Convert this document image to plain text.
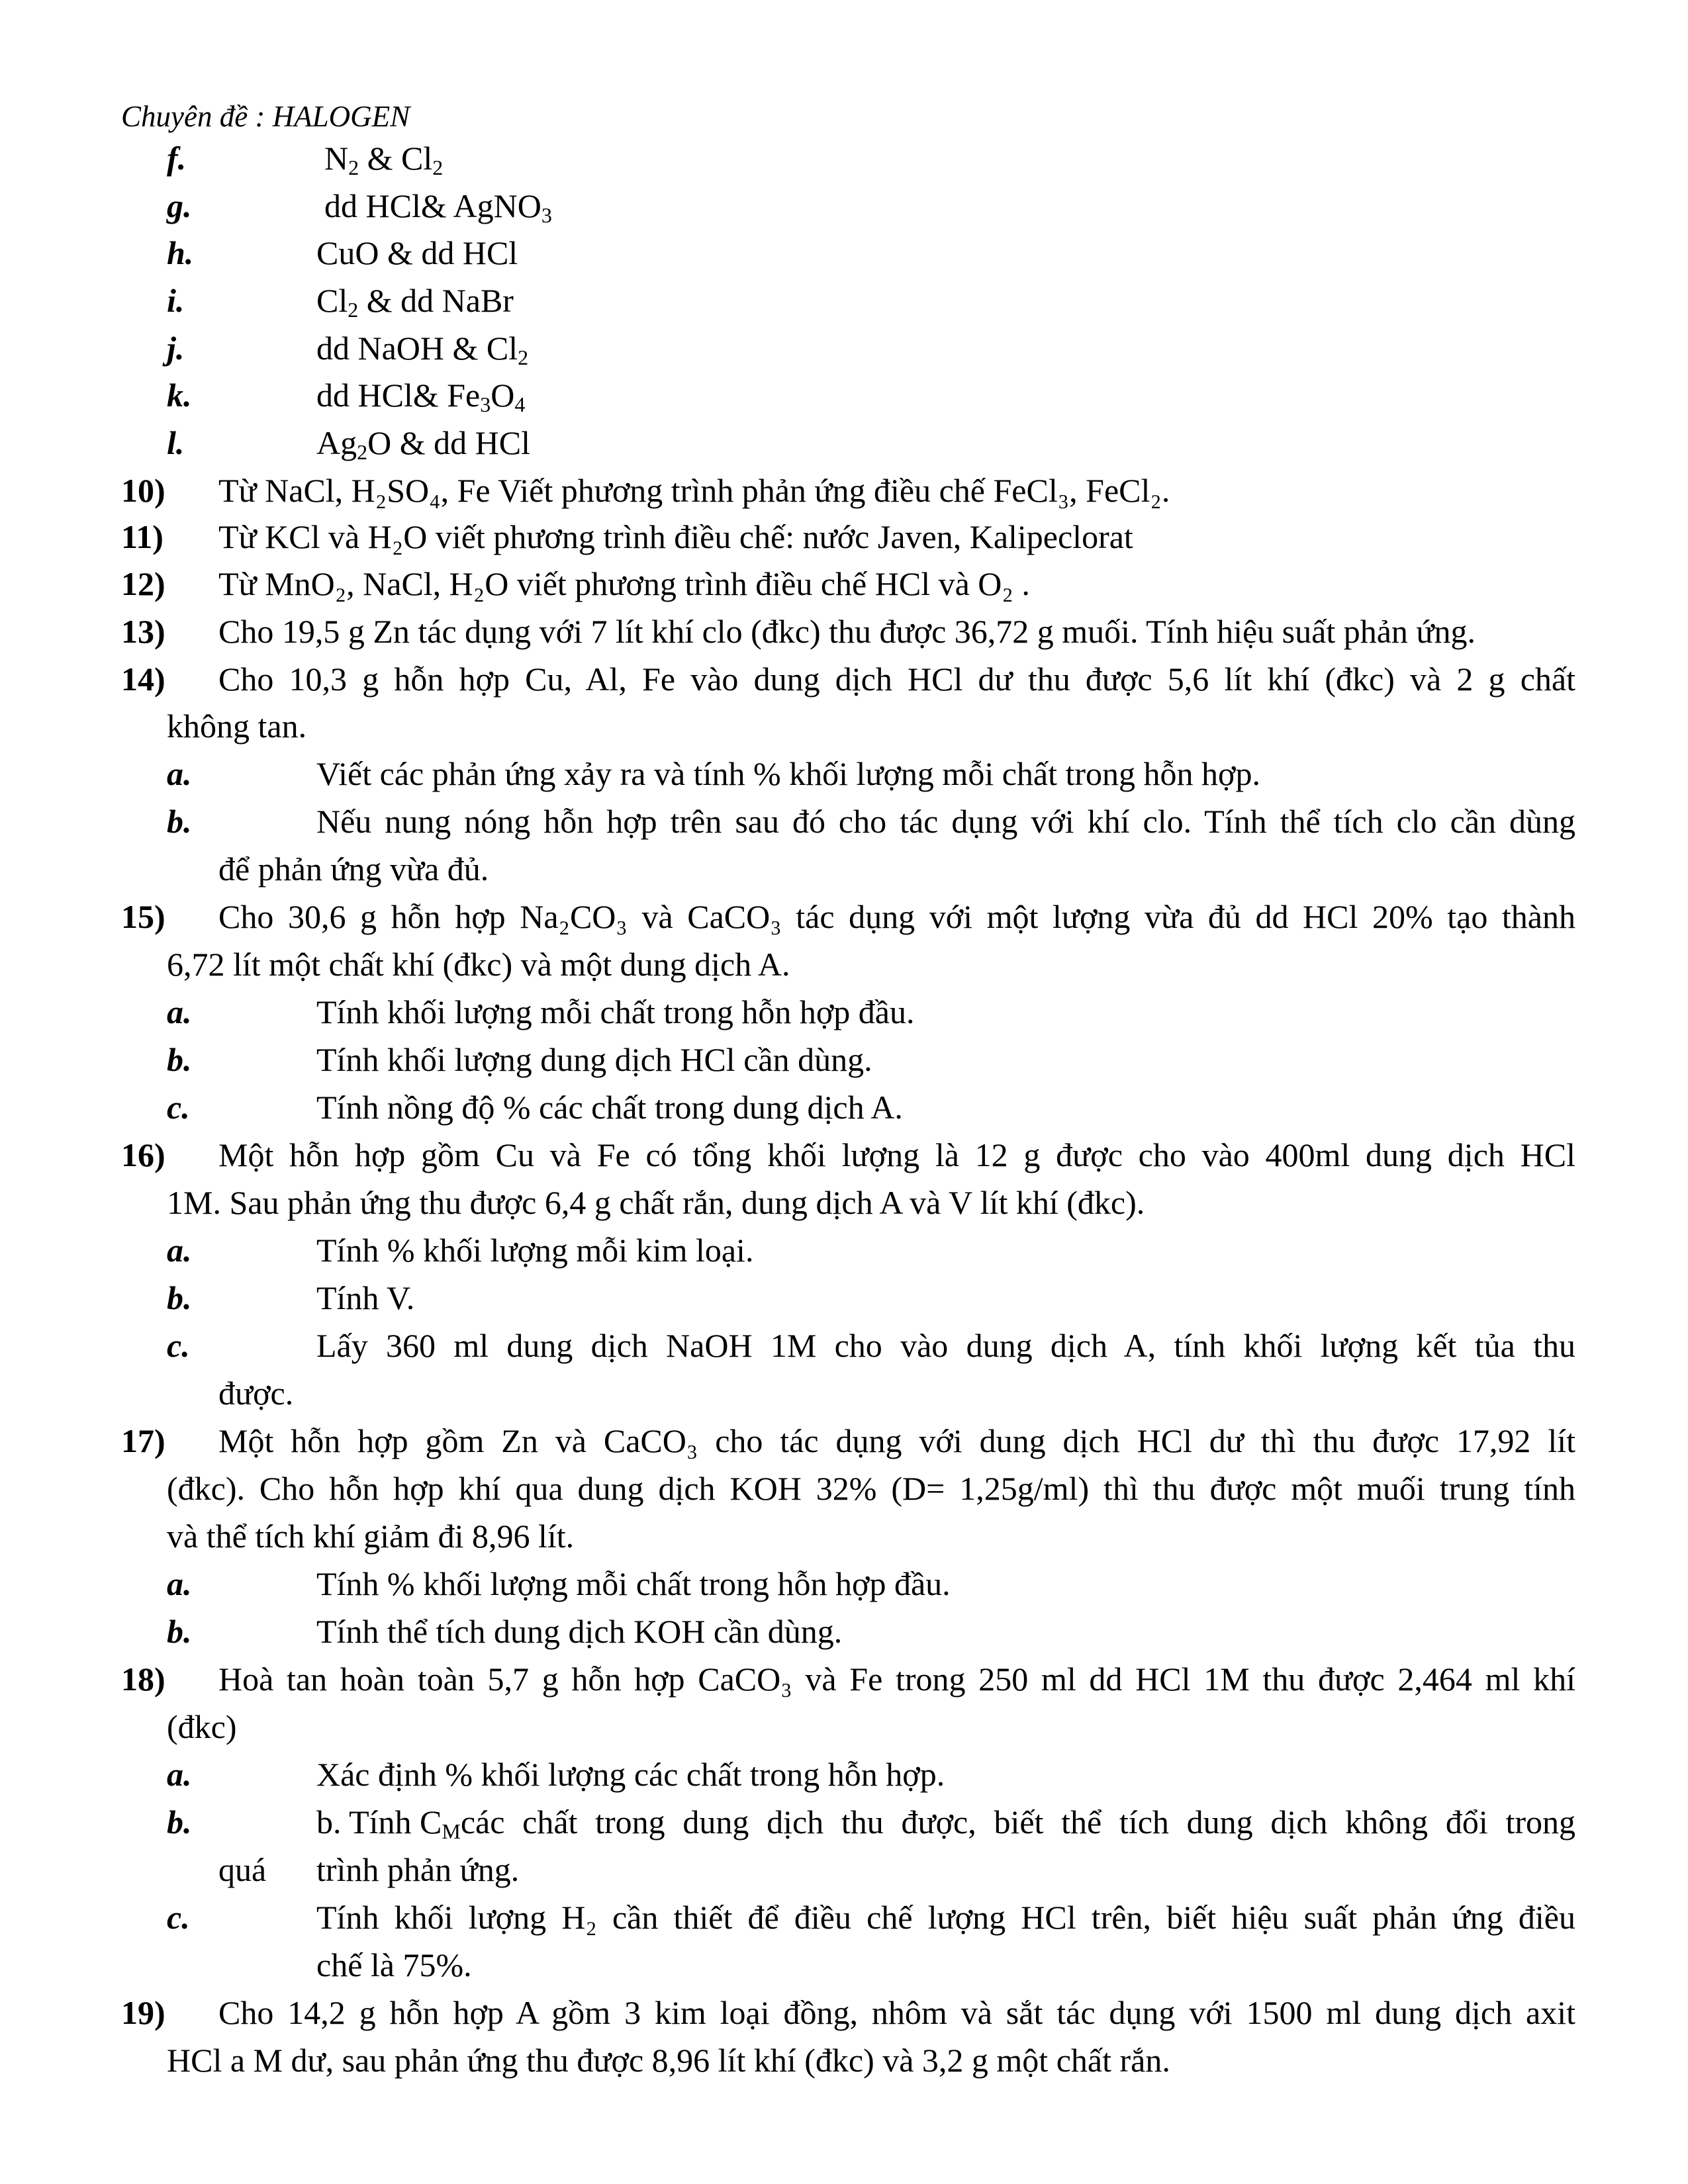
Chuyên đề : HALOGEN
f.	$N_2$ & $Cl_2$
g.	dd HCl& AgNO$_3$
h.	CuO & dd HCl
i.	$Cl_2$ & dd NaBr
j.	dd NaOH & $Cl_2$
k.	dd HCl& $Fe_3O_4$
l.	$Ag_2O$ & dd HCl
10) Từ NaCl, H₂SO₄, Fe Viết phương trình phản ứng điều chế FeCl₃, FeCl₂.
11) Từ KCl và H₂O viết phương trình điều chế: nước Javen, Kalipeclorat
12) Từ MnO₂, NaCl, H₂O viết phương trình điều chế HCl và O₂ .
13) Cho 19,5 g Zn tác dụng với 7 lít khí clo (đkc) thu được 36,72 g muối. Tính hiệu suất phản ứng.
14) Cho 10,3 g hỗn hợp Cu, Al, Fe vào dung dịch HCl dư thu được 5,6 lít khí (đkc) và 2 g chất
không tan.
a.	Viết các phản ứng xảy ra và tính % khối lượng mỗi chất trong hỗn hợp.
b.	Nếu nung nóng hỗn hợp trên sau đó cho tác dụng với khí clo. Tính thể tích clo cần dùng
để phản ứng vừa đủ.
15) Cho 30,6 g hỗn hợp Na₂CO₃ và CaCO₃ tác dụng với một lượng vừa đủ dd HCl 20% tạo thành
6,72 lít một chất khí (đkc) và một dung dịch A.
a.	Tính khối lượng mỗi chất trong hỗn hợp đầu.
b.	Tính khối lượng dung dịch HCl cần dùng.
c.	Tính nồng độ % các chất trong dung dịch A.
16) Một hỗn hợp gồm Cu và Fe có tổng khối lượng là 12 g được cho vào 400ml dung dịch HCl
1M. Sau phản ứng thu được 6,4 g chất rắn, dung dịch A và V lít khí (đkc).
a.	Tính % khối lượng mỗi kim loại.
b.	Tính V.
c.	Lấy 360 ml dung dịch NaOH 1M cho vào dung dịch A, tính khối lượng kết tủa thu
được.
17) Một hỗn hợp gồm Zn và CaCO₃ cho tác dụng với dung dịch HCl dư thì thu được 17,92 lít
(đkc). Cho hỗn hợp khí qua dung dịch KOH 32% (D= 1,25g/ml) thì thu được một muối trung tính
và thể tích khí giảm đi 8,96 lít.
a.	Tính % khối lượng mỗi chất trong hỗn hợp đầu.
b.	Tính thể tích dung dịch KOH cần dùng.
18) Hoà tan hoàn toàn 5,7 g hỗn hợp CaCO₃ và Fe trong 250 ml dd HCl 1M thu được 2,464 ml khí
(đkc)
a.	Xác định % khối lượng các chất trong hỗn hợp.
b.	b. Tính $C_M$ các chất trong dung dịch thu được, biết thể tích dung dịch không đổi trong
quá trình phản ứng.
c.	Tính khối lượng H₂ cần thiết để điều chế lượng HCl trên, biết hiệu suất phản ứng điều
chế là 75%.
19) Cho 14,2 g hỗn hợp A gồm 3 kim loại đồng, nhôm và sắt tác dụng với 1500 ml dung dịch axit
HCl a M dư, sau phản ứng thu được 8,96 lít khí (đkc) và 3,2 g một chất rắn.
